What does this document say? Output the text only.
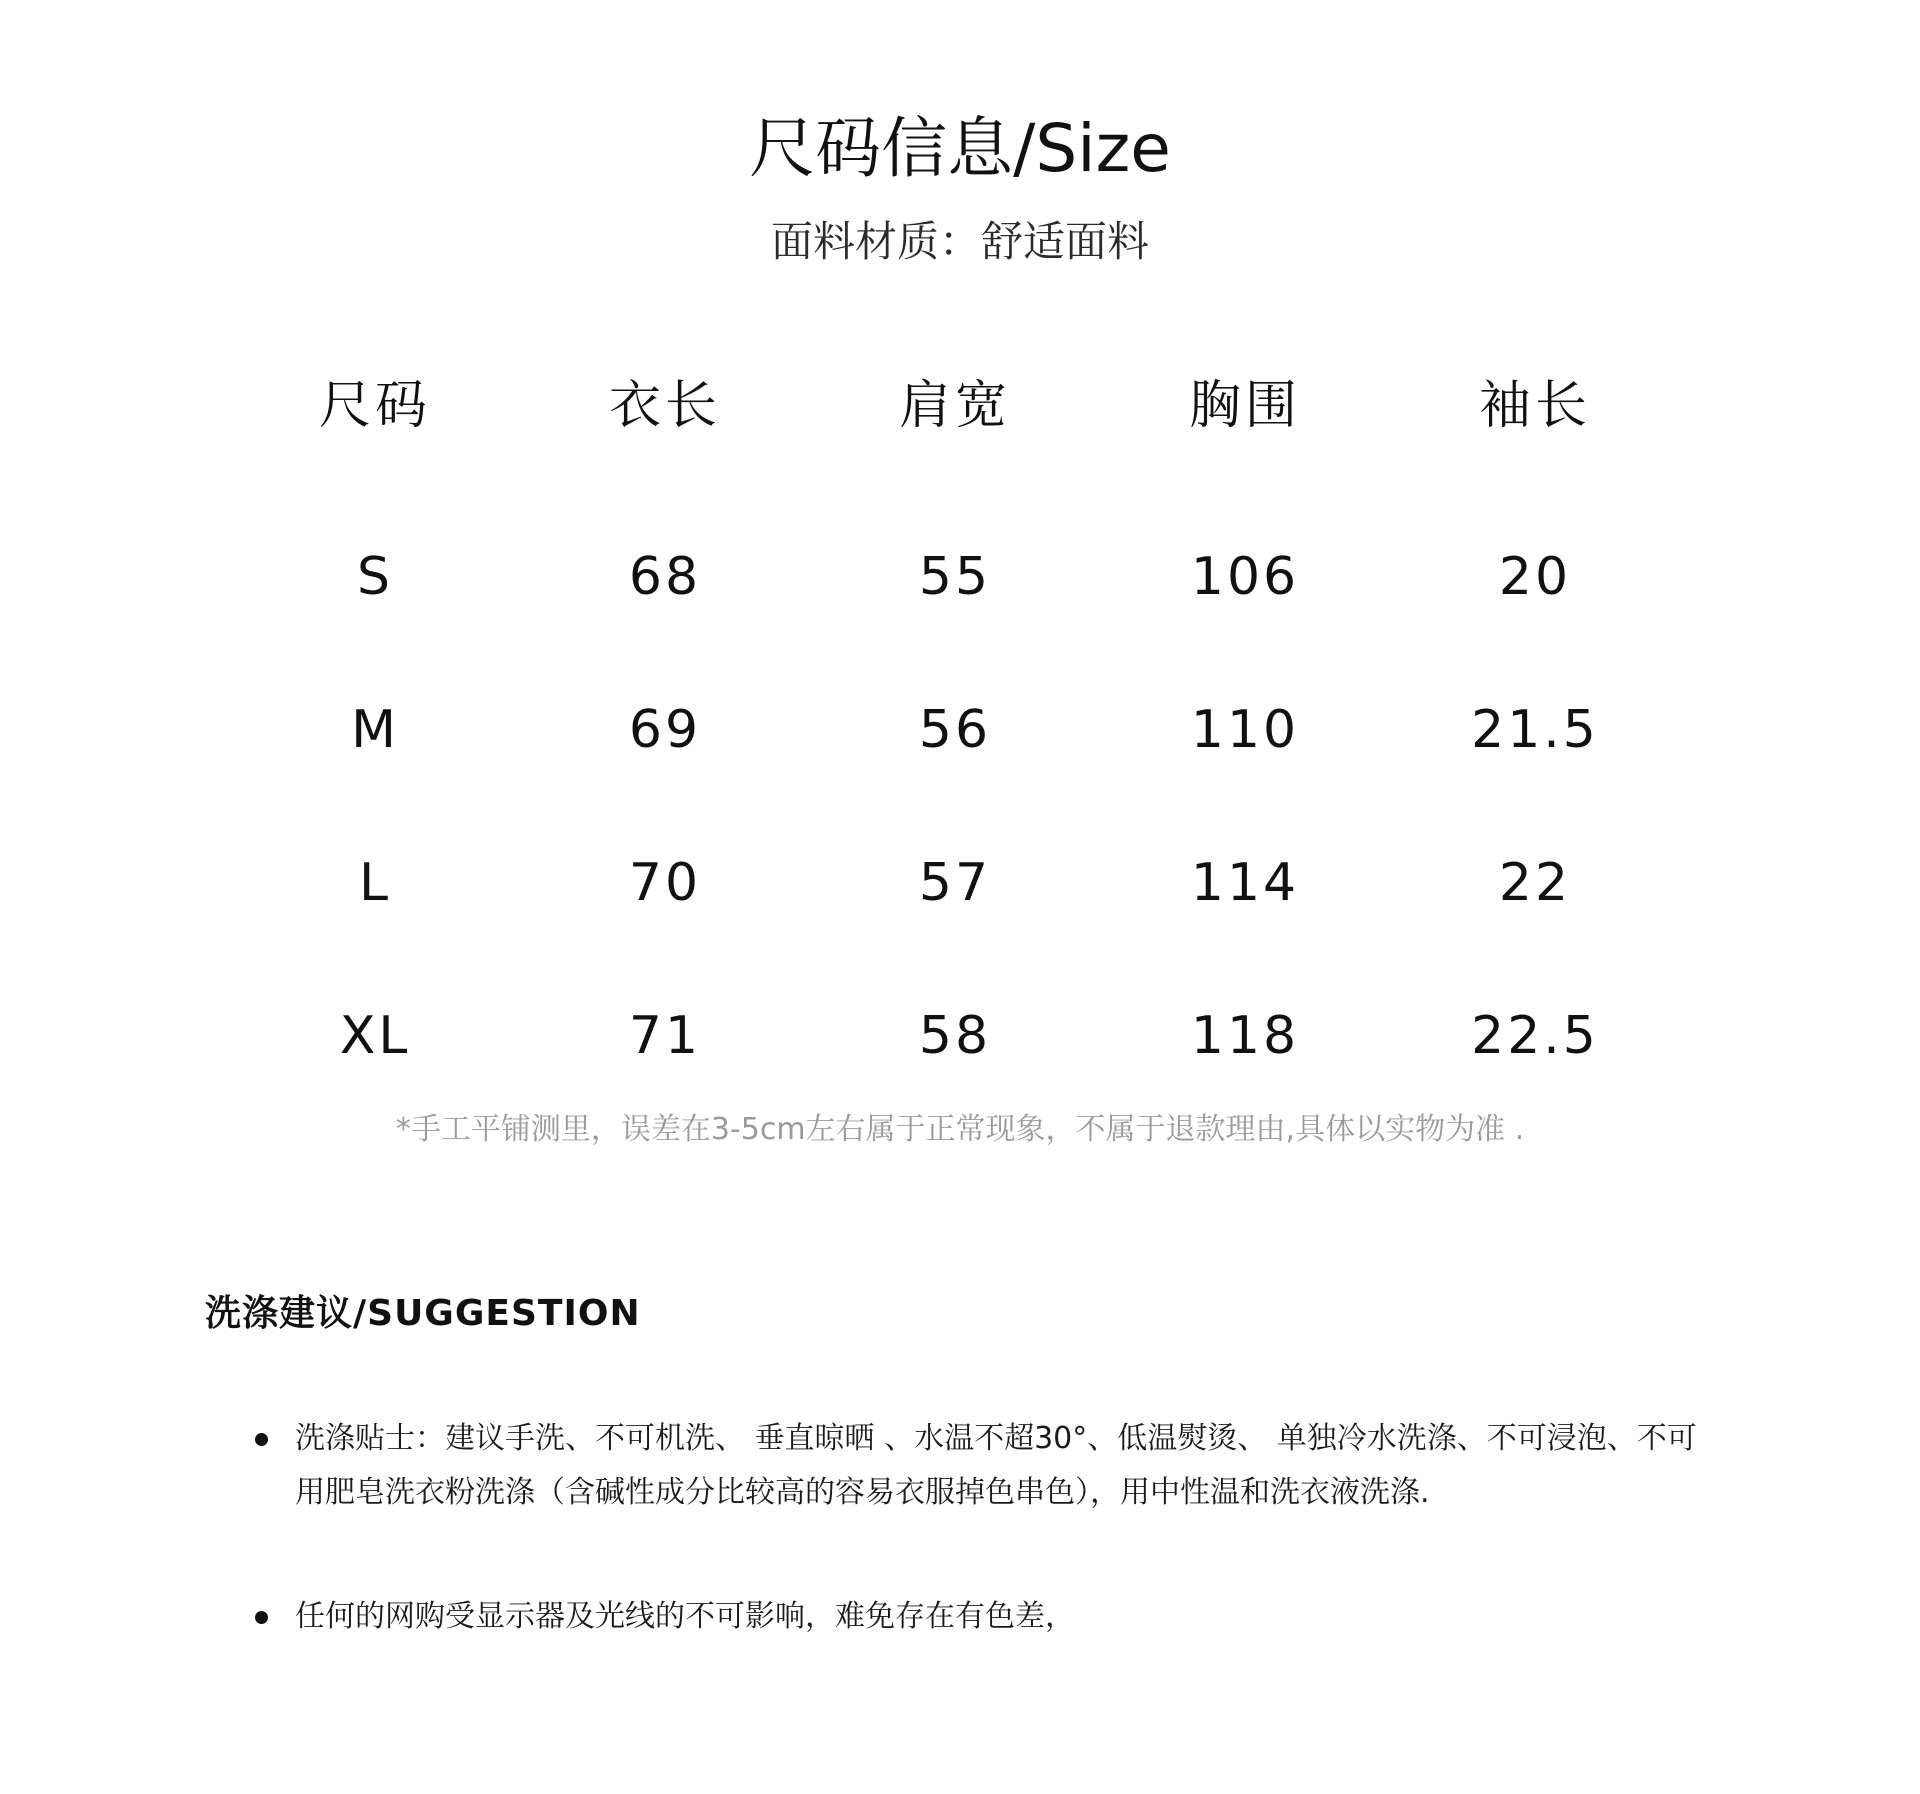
尺码信息/Size
面料材质：舒适面料
尺码	衣长	肩宽	胸围	袖长
S	68	55	106	20
M	69	56	110	21.5
L	70	57	114	22
XL	71	58	118	22.5
*手工平铺测里，误差在3-5cm左右属于正常现象，不属于退款理由,具体以实物为准 .
洗涤建议/SUGGESTION
洗涤贴士：建议手洗、不可机洗、 垂直晾晒 、水温不超30°、低温熨烫、 单独冷水洗涤、不可浸泡、不可用肥皂洗衣粉洗涤（含碱性成分比较高的容易衣服掉色串色），用中性温和洗衣液洗涤.
任何的网购受显示器及光线的不可影响，难免存在有色差，
